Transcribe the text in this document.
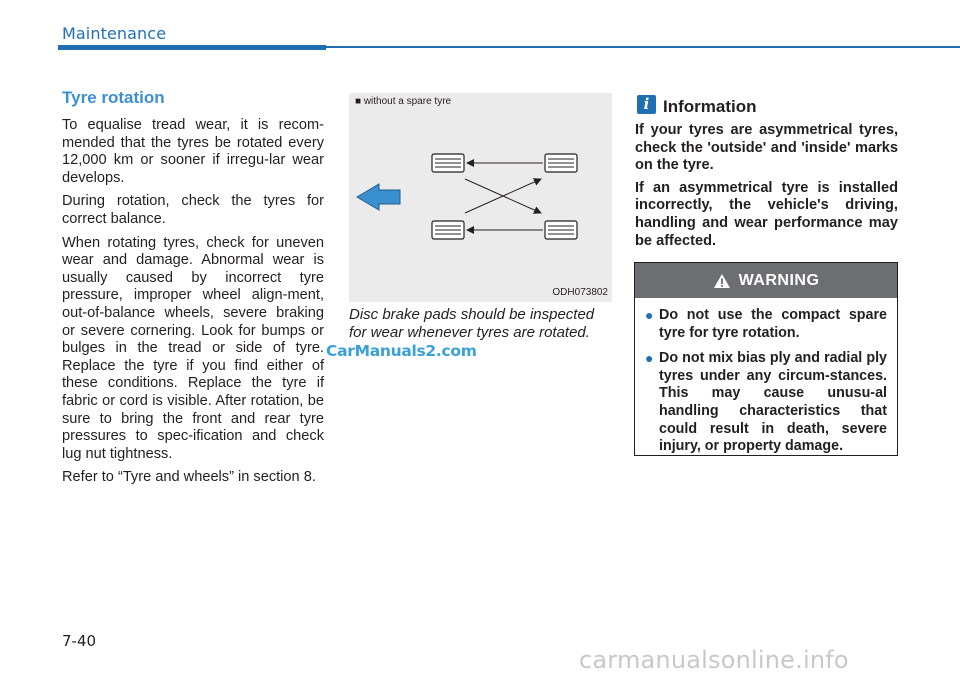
Maintenance
Tyre rotation

To equalise tread wear, it is recom-mended that the tyres be rotated every 12,000 km or sooner if irregu-lar wear develops.

During rotation, check the tyres for correct balance.

When rotating tyres, check for uneven wear and damage. Abnormal wear is usually caused by incorrect tyre pressure, improper wheel align-ment, out-of-balance wheels, severe braking or severe cornering. Look for bumps or bulges in the tread or side of tyre. Replace the tyre if you find either of these conditions. Replace the tyre if fabric or cord is visible. After rotation, be sure to bring the front and rear tyre pressures to spec-ification and check lug nut tightness.

Refer to “Tyre and wheels” in section 8.

■ without a spare tyre
ODH073802
Disc brake pads should be inspected
for wear whenever tyres are rotated.
CarManuals2.com
i Information

If your tyres are asymmetrical tyres, check the 'outside' and 'inside' marks on the tyre.

If an asymmetrical tyre is installed incorrectly, the vehicle's driving, handling and wear performance may be affected.

WARNING
● Do not use the compact spare tyre for tyre rotation.
● Do not mix bias ply and radial ply tyres under any circum-stances. This may cause unusu-al handling characteristics that could result in death, severe injury, or property damage.
7-40
carmanualsonline.info
